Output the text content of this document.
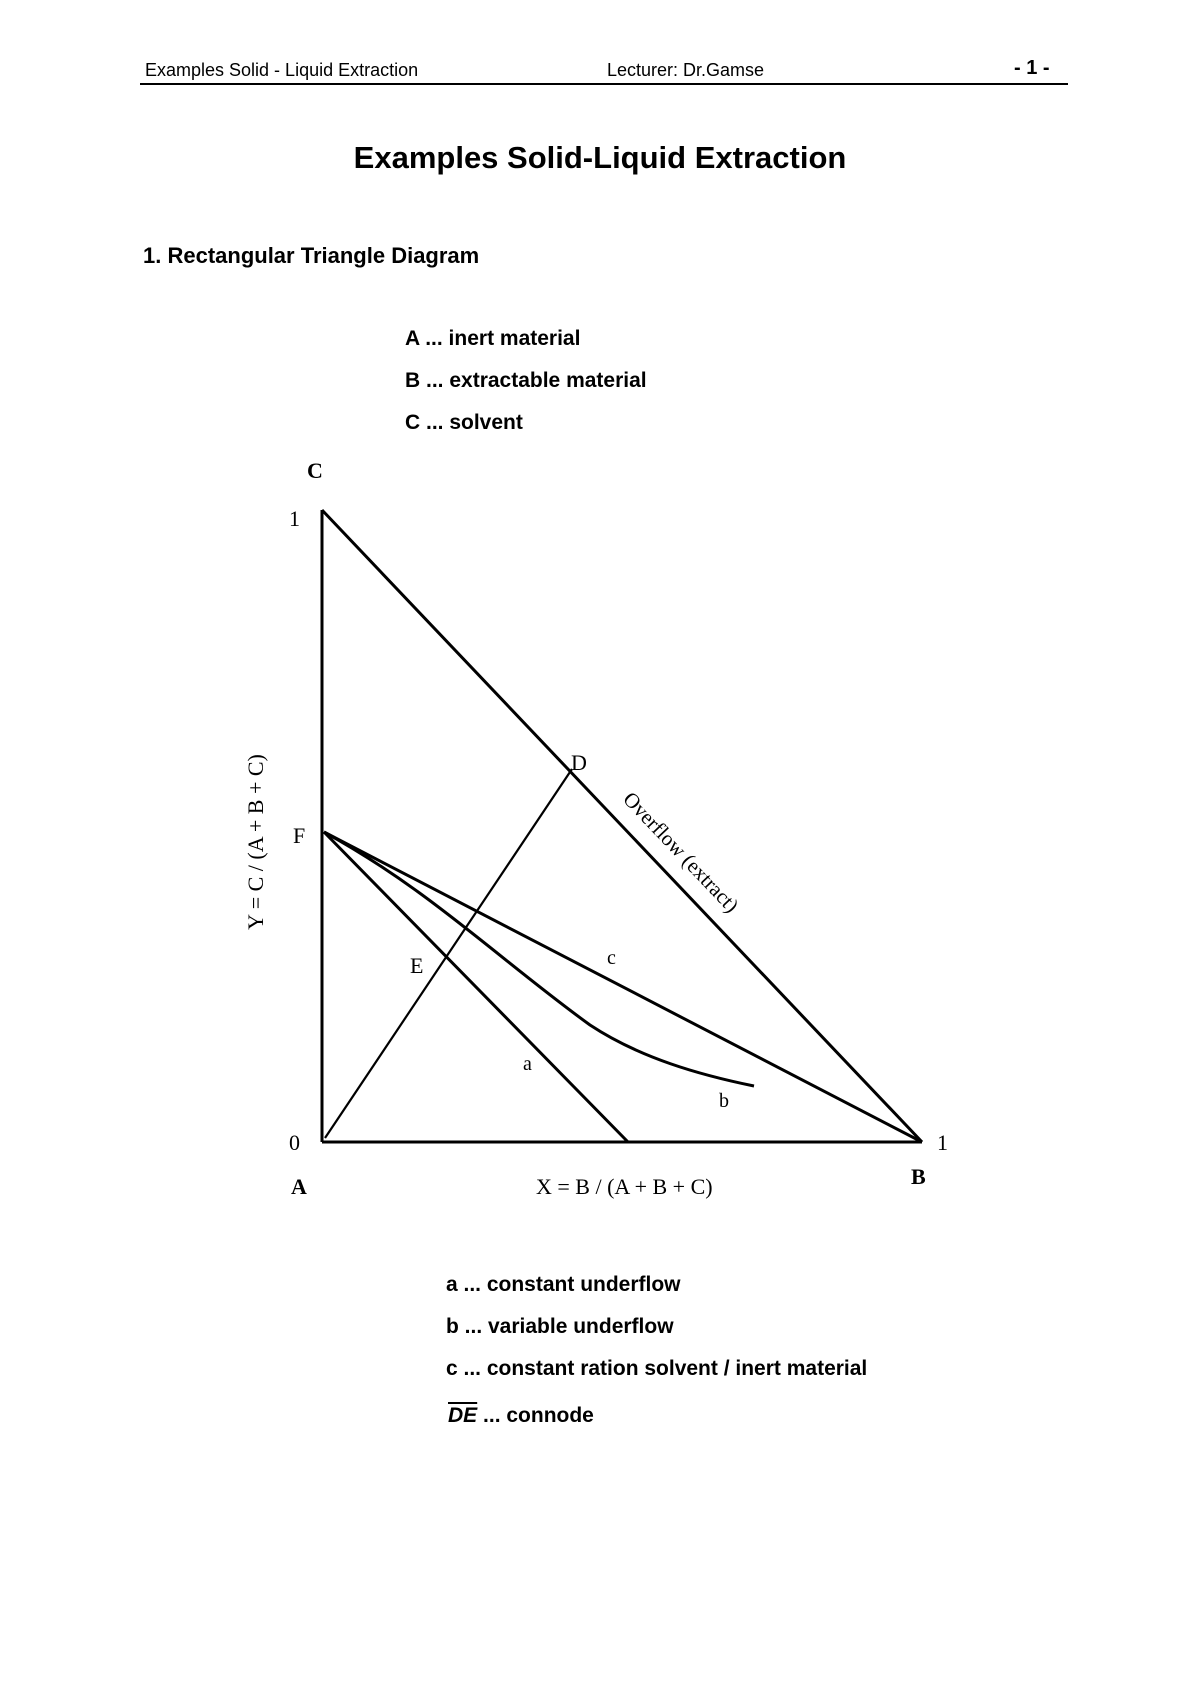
Examples Solid - Liquid Extraction	Lecturer: Dr.Gamse	- 1 -
Examples Solid-Liquid Extraction
1. Rectangular Triangle Diagram
A ... inert material
B ... extractable material
C ... solvent
C
1
0	1
A	B
F
D
E
a
b
c
Overflow (extract)
X = B / (A + B + C)
Y = C / (A + B + C)
a ... constant underflow
b ... variable underflow
c ... constant ration solvent / inert material
$\overline{DE}$ ... connode
